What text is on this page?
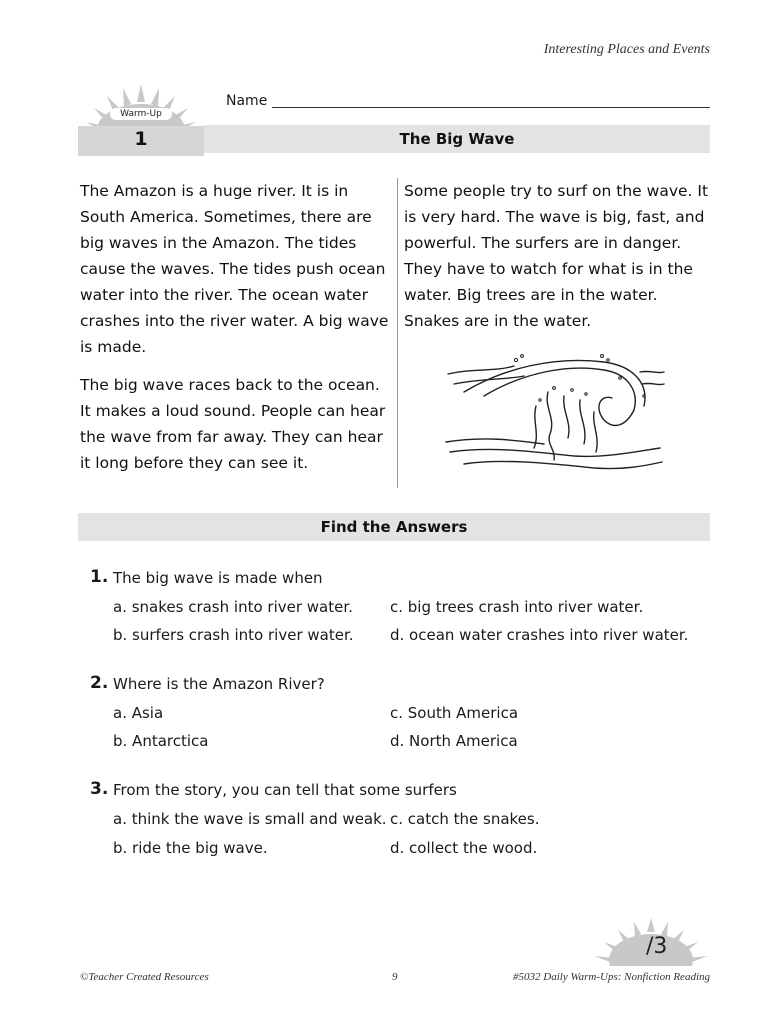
Interesting Places and Events
Warm-Up
1
Name
The Big Wave

The Amazon is a huge river. It is in South America. Sometimes, there are big waves in the Amazon. The tides cause the waves. The tides push ocean water into the river. The ocean water crashes into the river water. A big wave is made.

The big wave races back to the ocean. It makes a loud sound. People can hear the wave from far away. They can hear it long before they can see it.

Some people try to surf on the wave. It is very hard. The wave is big, fast, and powerful. The surfers are in danger. They have to watch for what is in the water. Big trees are in the water. Snakes are in the water.

Find the Answers
1. The big wave is made when
a. snakes crash into river water.
b. surfers crash into river water.
c. big trees crash into river water.
d. ocean water crashes into river water.
2. Where is the Amazon River?
a. Asia
b. Antarctica
c. South America
d. North America
3. From the story, you can tell that some surfers
a. think the wave is small and weak.
b. ride the big wave.
c. catch the snakes.
d. collect the wood.
/3
©Teacher Created Resources	9	#5032 Daily Warm-Ups: Nonfiction Reading
